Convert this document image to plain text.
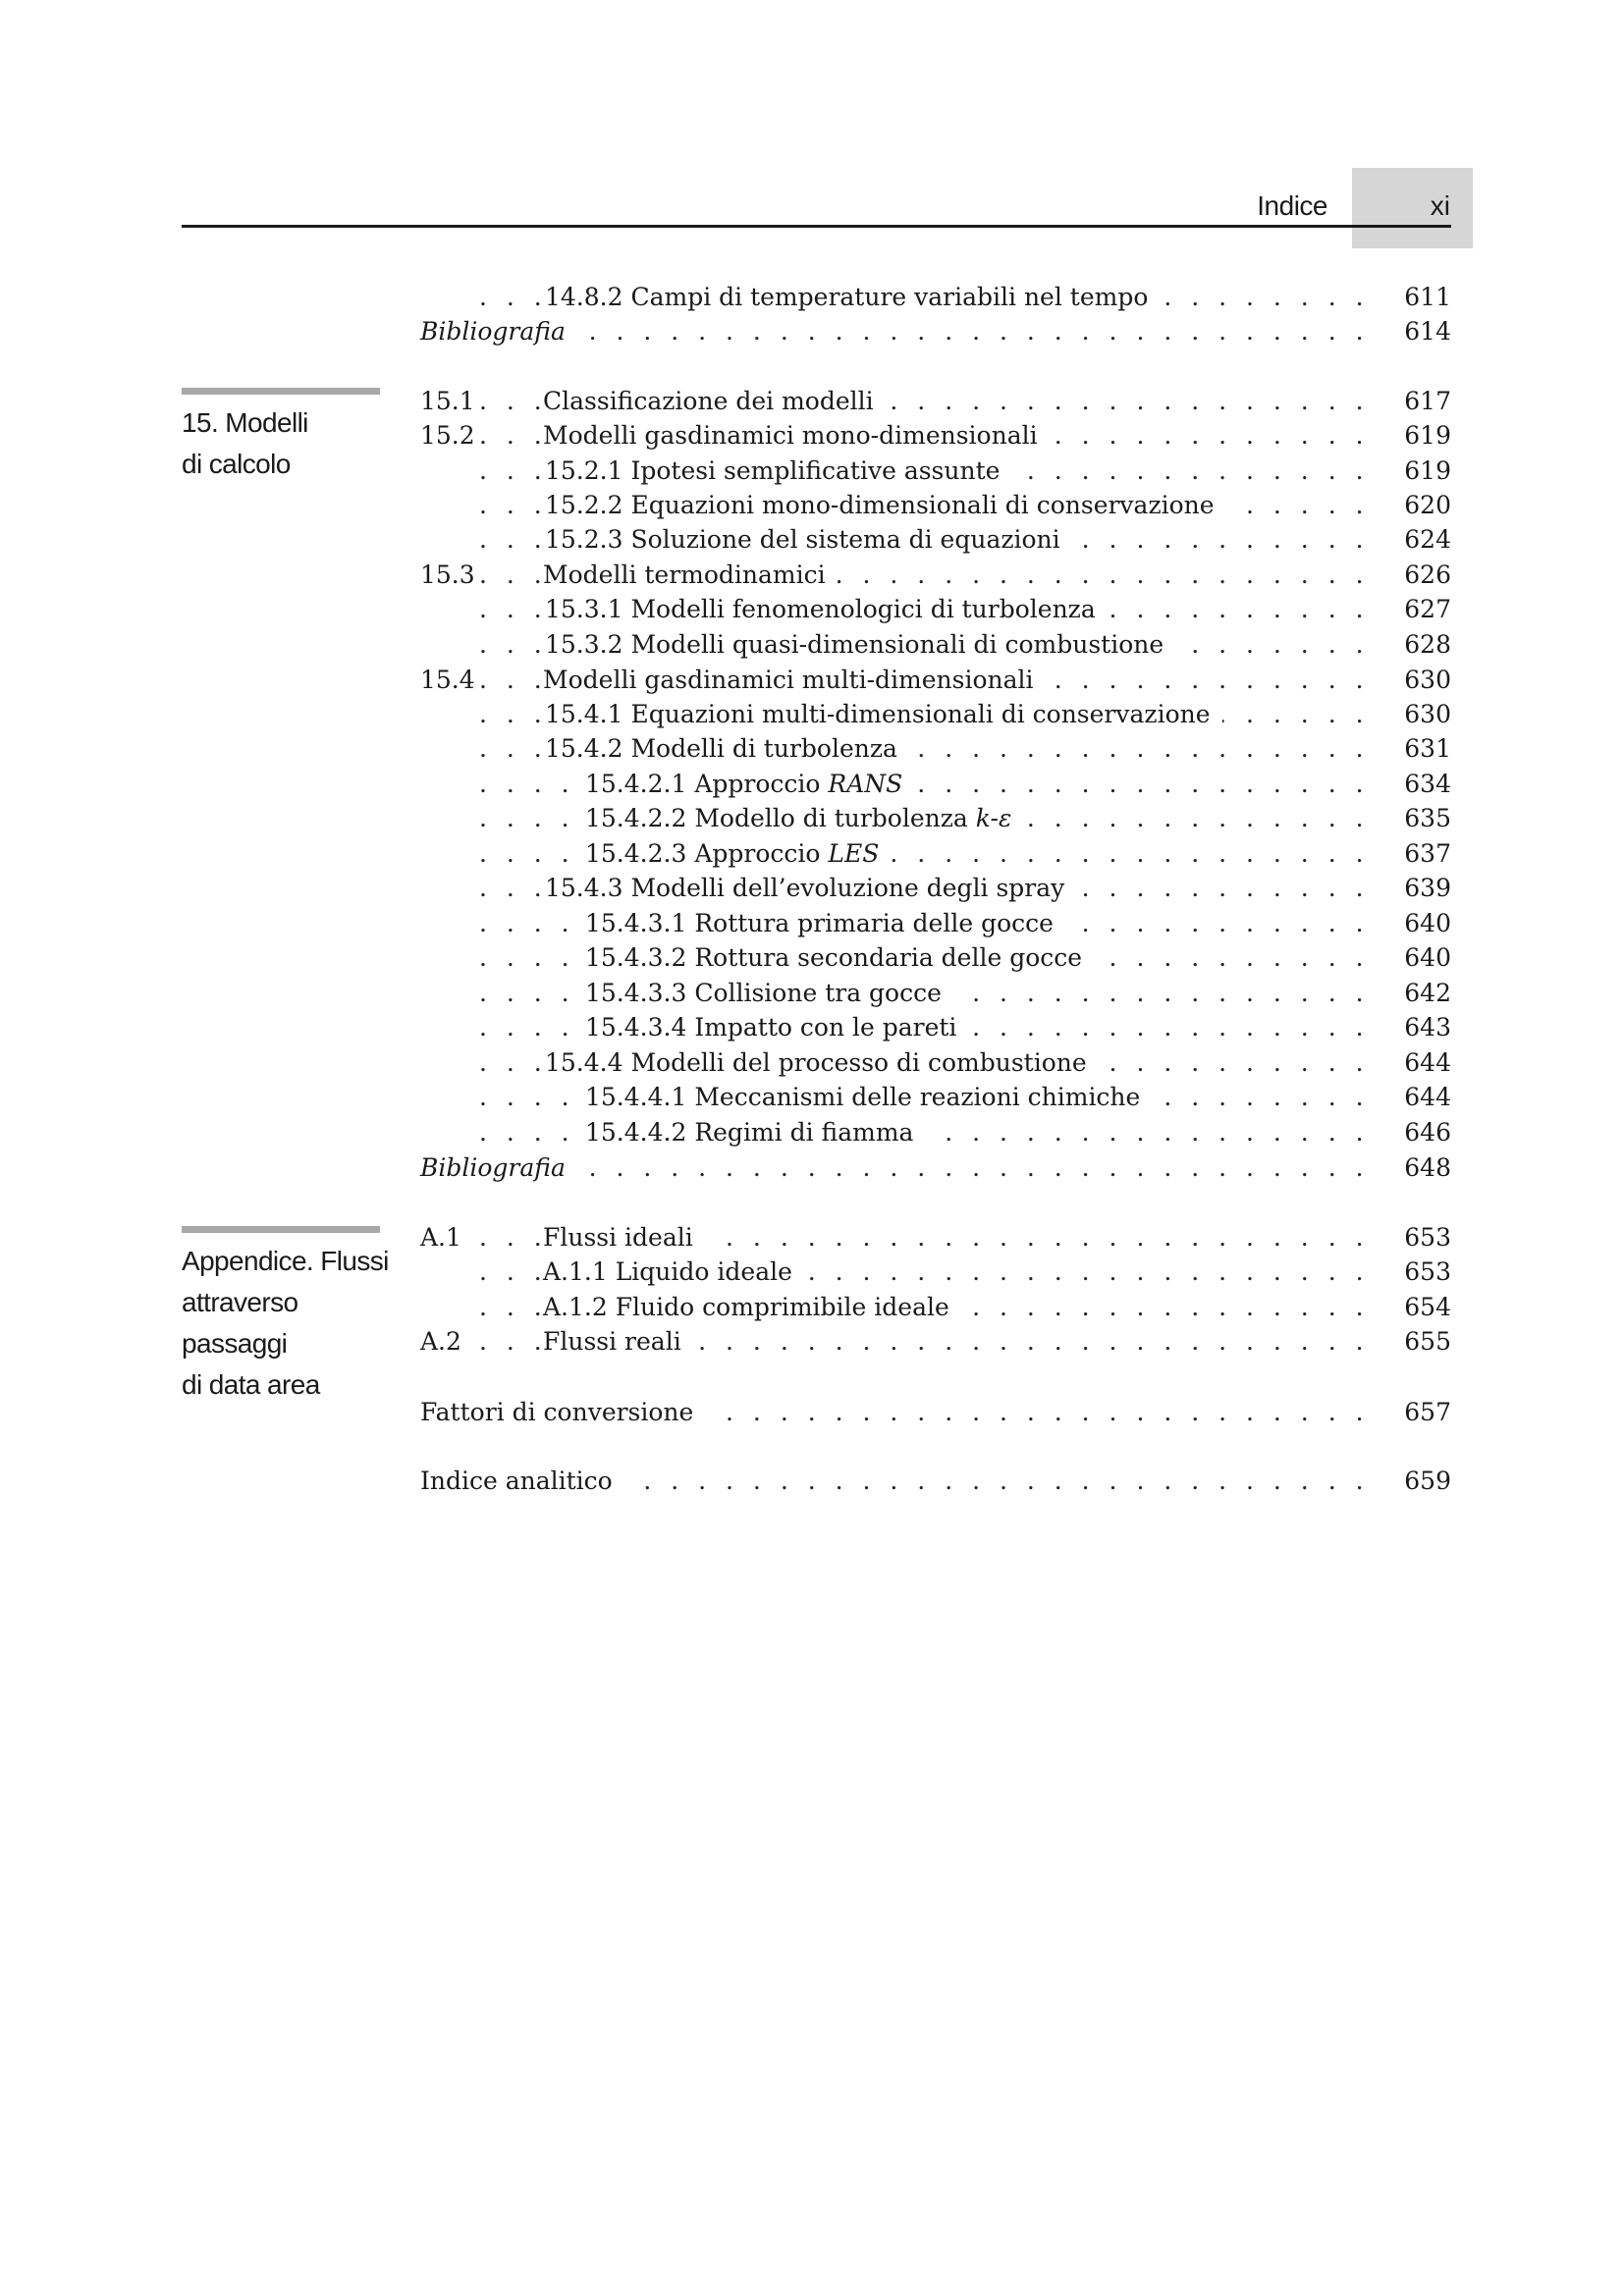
Indice	xi
15. Modelli
di calcolo
Appendice. Flussi
attraverso passaggi
di data area
14.8.2 Campi di temperature variabili nel tempo . . .	611
Bibliografia . . .	614
15.1	Classificazione dei modelli . . .	617
15.2	Modelli gasdinamici mono-dimensionali . . .	619
15.2.1 Ipotesi semplificative assunte . . .	619
15.2.2 Equazioni mono-dimensionali di conservazione . . .	620
15.2.3 Soluzione del sistema di equazioni . . .	624
15.3	Modelli termodinamici . . .	626
15.3.1 Modelli fenomenologici di turbolenza . . .	627
15.3.2 Modelli quasi-dimensionali di combustione . . .	628
15.4	Modelli gasdinamici multi-dimensionali . . .	630
15.4.1 Equazioni multi-dimensionali di conservazione . . .	630
15.4.2 Modelli di turbolenza . . .	631
15.4.2.1 Approccio RANS . . .	634
15.4.2.2 Modello di turbolenza k-ε . . .	635
15.4.2.3 Approccio LES . . .	637
15.4.3 Modelli dell’evoluzione degli spray . . .	639
15.4.3.1 Rottura primaria delle gocce . . .	640
15.4.3.2 Rottura secondaria delle gocce . . .	640
15.4.3.3 Collisione tra gocce . . .	642
15.4.3.4 Impatto con le pareti . . .	643
15.4.4 Modelli del processo di combustione . . .	644
15.4.4.1 Meccanismi delle reazioni chimiche . . .	644
15.4.4.2 Regimi di fiamma . . .	646
Bibliografia . . .	648
A.1	Flussi ideali . . .	653
A.1.1 Liquido ideale . . .	653
A.1.2 Fluido comprimibile ideale . . .	654
A.2	Flussi reali . . .	655
Fattori di conversione . . .	657
Indice analitico . . .	659
